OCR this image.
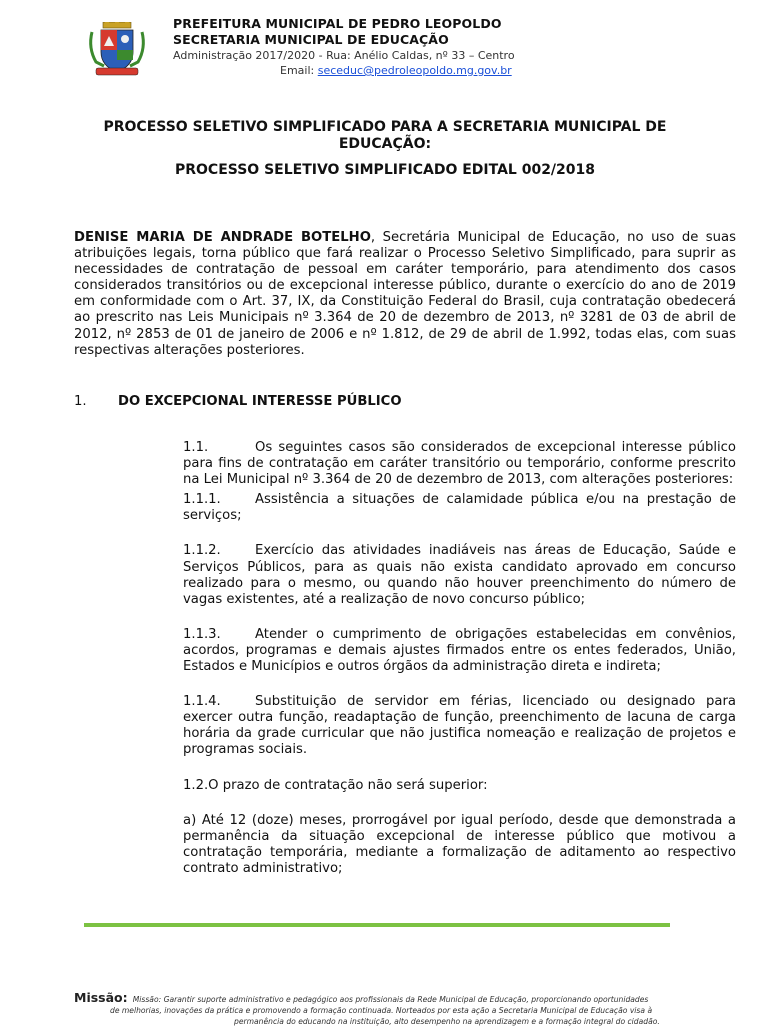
PREFEITURA MUNICIPAL DE PEDRO LEOPOLDO
SECRETARIA MUNICIPAL DE EDUCAÇÃO
Administração 2017/2020 - Rua: Anélio Caldas, nº 33 – Centro
Email: seceduc@pedroleopoldo.mg.gov.br
PROCESSO SELETIVO SIMPLIFICADO PARA A SECRETARIA MUNICIPAL DE EDUCAÇÃO:
PROCESSO SELETIVO SIMPLIFICADO EDITAL 002/2018
DENISE MARIA DE ANDRADE BOTELHO, Secretária Municipal de Educação, no uso de suas atribuições legais, torna público que fará realizar o Processo Seletivo Simplificado, para suprir as necessidades de contratação de pessoal em caráter temporário, para atendimento dos casos considerados transitórios ou de excepcional interesse público, durante o exercício do ano de 2019 em conformidade com o Art. 37, IX, da Constituição Federal do Brasil, cuja contratação obedecerá ao prescrito nas Leis Municipais nº 3.364 de 20 de dezembro de 2013, nº 3281 de 03 de abril de 2012, nº 2853 de 01 de janeiro de 2006 e nº 1.812, de 29 de abril de 1.992, todas elas, com suas respectivas alterações posteriores.
1. DO EXCEPCIONAL INTERESSE PÚBLICO

1.1.	Os seguintes casos são considerados de excepcional interesse público para fins de contratação em caráter transitório ou temporário, conforme prescrito na Lei Municipal nº 3.364 de 20 de dezembro de 2013, com alterações posteriores:

1.1.1.	Assistência a situações de calamidade pública e/ou na prestação de serviços;

1.1.2.	Exercício das atividades inadiáveis nas áreas de Educação, Saúde e Serviços Públicos, para as quais não exista candidato aprovado em concurso realizado para o mesmo, ou quando não houver preenchimento do número de vagas existentes, até a realização de novo concurso público;

1.1.3.	Atender o cumprimento de obrigações estabelecidas em convênios, acordos, programas e demais ajustes firmados entre os entes federados, União, Estados e Municípios e outros órgãos da administração direta e indireta;

1.1.4.	Substituição de servidor em férias, licenciado ou designado para exercer outra função, readaptação de função, preenchimento de lacuna de carga horária da grade curricular que não justifica nomeação e realização de projetos e programas sociais.

1.2.O prazo de contratação não será superior:

a) Até 12 (doze) meses, prorrogável por igual período, desde que demonstrada a permanência da situação excepcional de interesse público que motivou a contratação temporária, mediante a formalização de aditamento ao respectivo contrato administrativo;

Missão: Missão: Garantir suporte administrativo e pedagógico aos profissionais da Rede Municipal de Educação, proporcionando oportunidades
de melhorias, inovações da prática e promovendo a formação continuada. Norteados por esta ação a Secretaria Municipal de Educação visa à
permanência do educando na instituição, alto desempenho na aprendizagem e a formação integral do cidadão.
